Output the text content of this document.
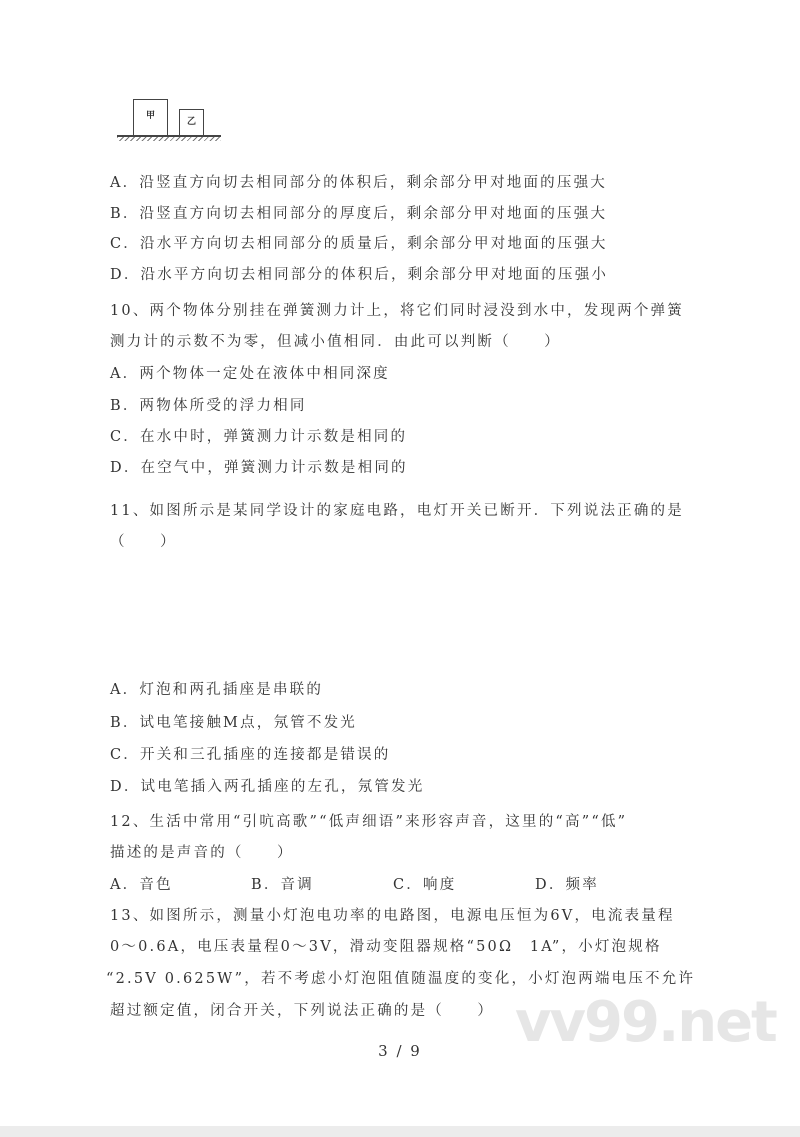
甲
乙
A．沿竖直方向切去相同部分的体积后，剩余部分甲对地面的压强大
B．沿竖直方向切去相同部分的厚度后，剩余部分甲对地面的压强大
C．沿水平方向切去相同部分的质量后，剩余部分甲对地面的压强大
D．沿水平方向切去相同部分的体积后，剩余部分甲对地面的压强小
10、两个物体分别挂在弹簧测力计上，将它们同时浸没到水中，发现两个弹簧
测力计的示数不为零，但减小值相同．由此可以判断（　　）
A．两个物体一定处在液体中相同深度
B．两物体所受的浮力相同
C．在水中时，弹簧测力计示数是相同的
D．在空气中，弹簧测力计示数是相同的
11、如图所示是某同学设计的家庭电路，电灯开关已断开．下列说法正确的是
（　　）
A．灯泡和两孔插座是串联的
B．试电笔接触M点，氖管不发光
C．开关和三孔插座的连接都是错误的
D．试电笔插入两孔插座的左孔，氖管发光
12、生活中常用“引吭高歌”“低声细语”来形容声音，这里的“高”“低”
描述的是声音的（　　）
A．音色	B．音调	C．响度	D．频率
13、如图所示，测量小灯泡电功率的电路图，电源电压恒为6V，电流表量程
0～0.6A，电压表量程0～3V，滑动变阻器规格“50Ω　1A”，小灯泡规格
“2.5V 0.625W”，若不考虑小灯泡阻值随温度的变化，小灯泡两端电压不允许
超过额定值，闭合开关，下列说法正确的是（　　） vv99.net
3 / 9
